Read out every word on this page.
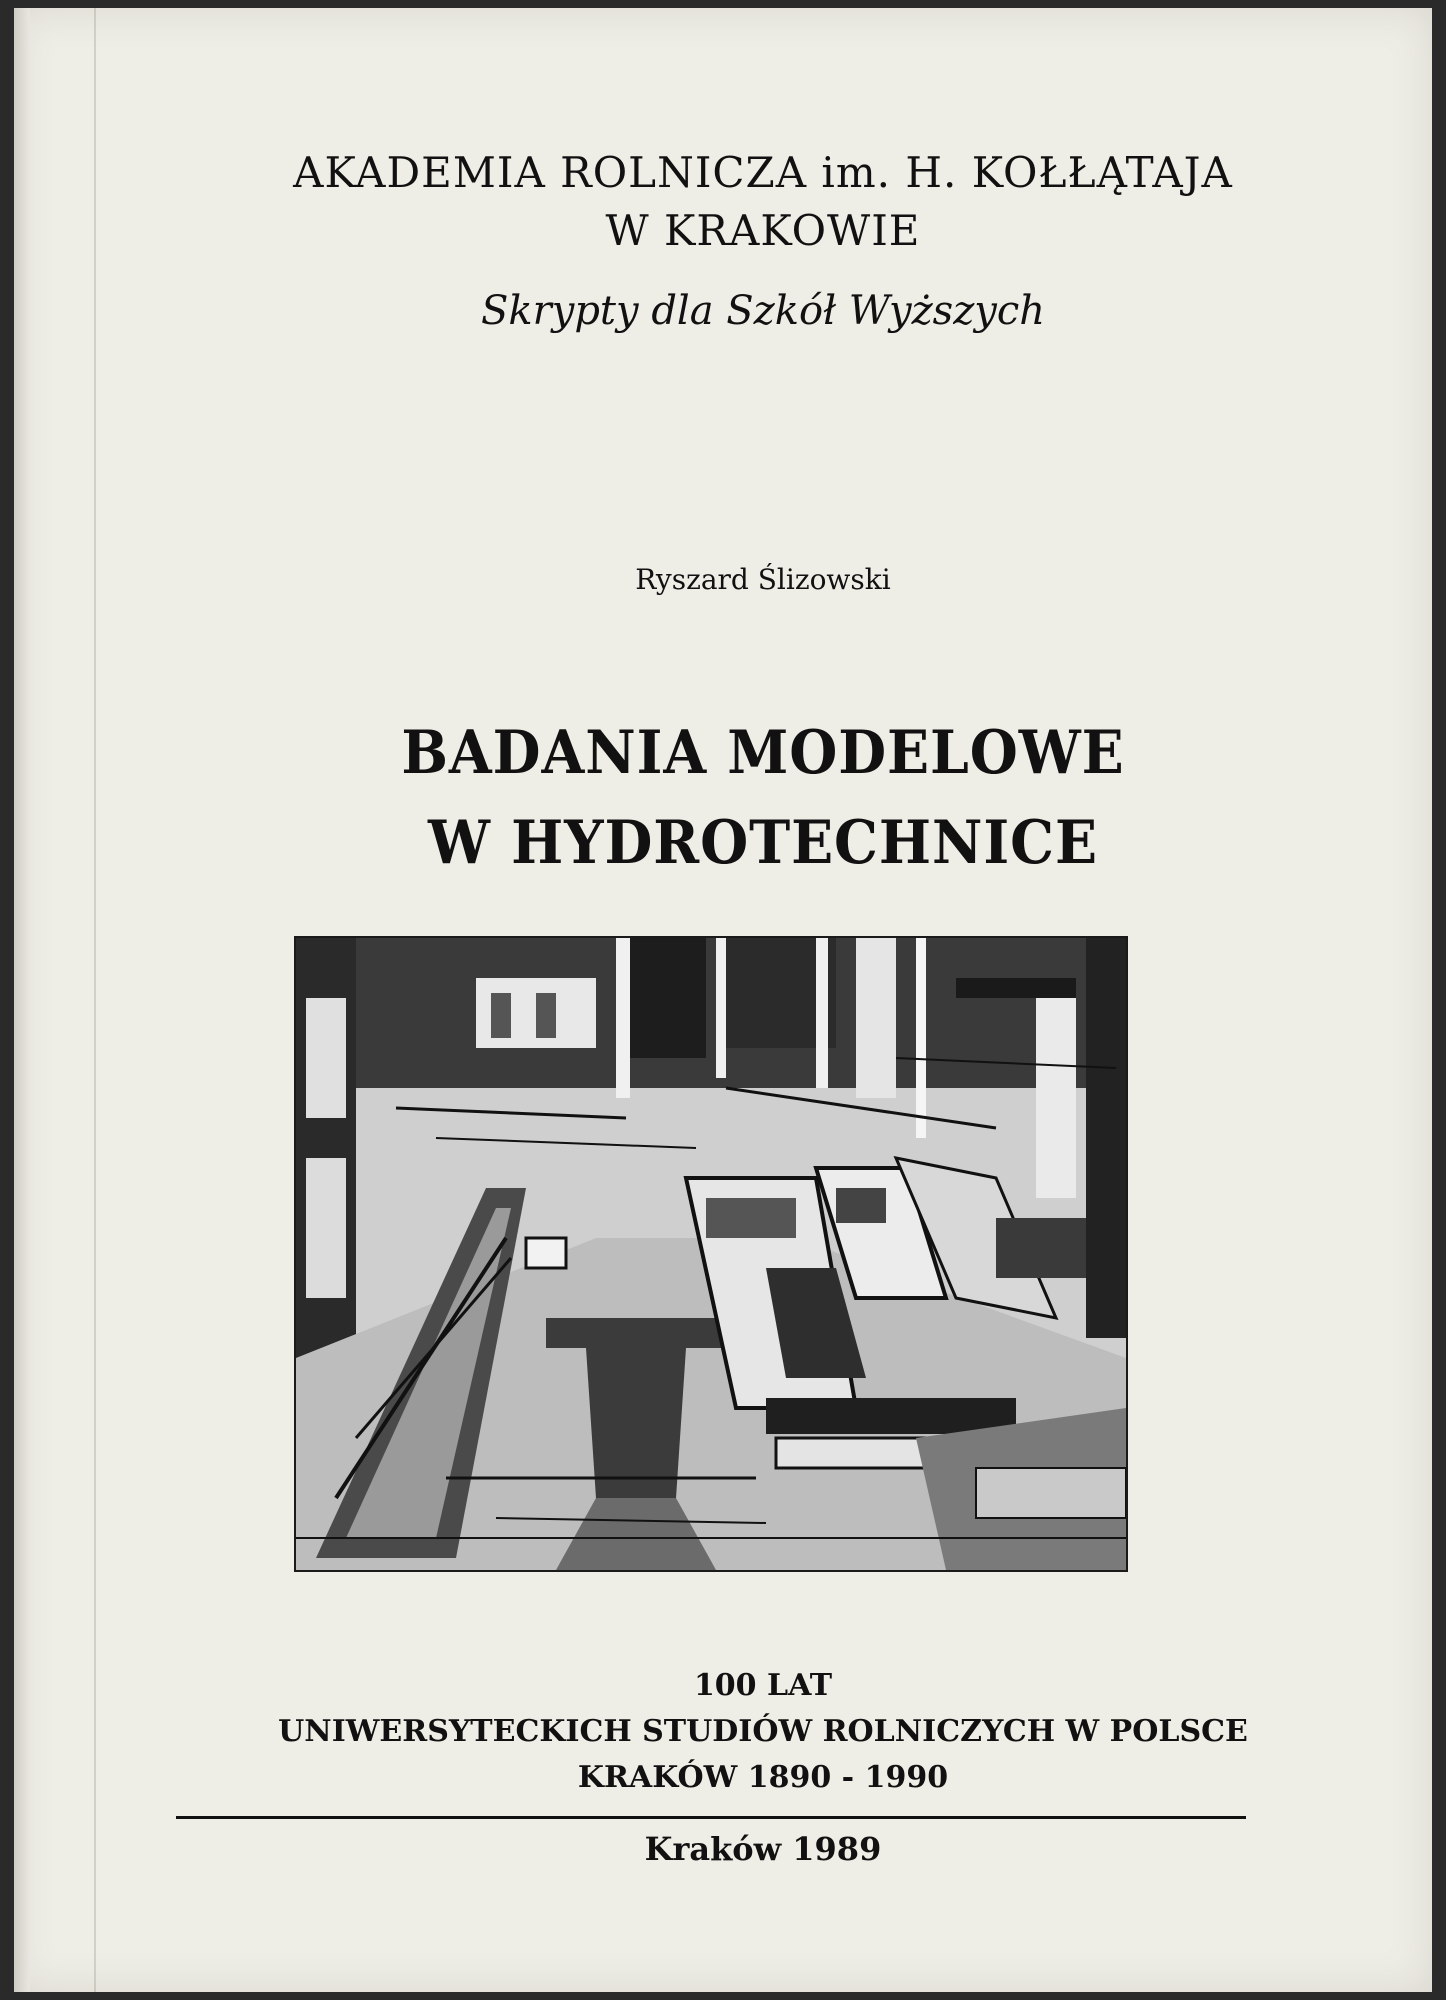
AKADEMIA ROLNICZA im. H. KOŁŁĄTAJA
W KRAKOWIE
Skrypty dla Szkół Wyższych
Ryszard Ślizowski
BADANIA MODELOWE
W HYDROTECHNICE
100 LAT
UNIWERSYTECKICH STUDIÓW ROLNICZYCH W POLSCE
KRAKÓW 1890 - 1990
Kraków 1989
